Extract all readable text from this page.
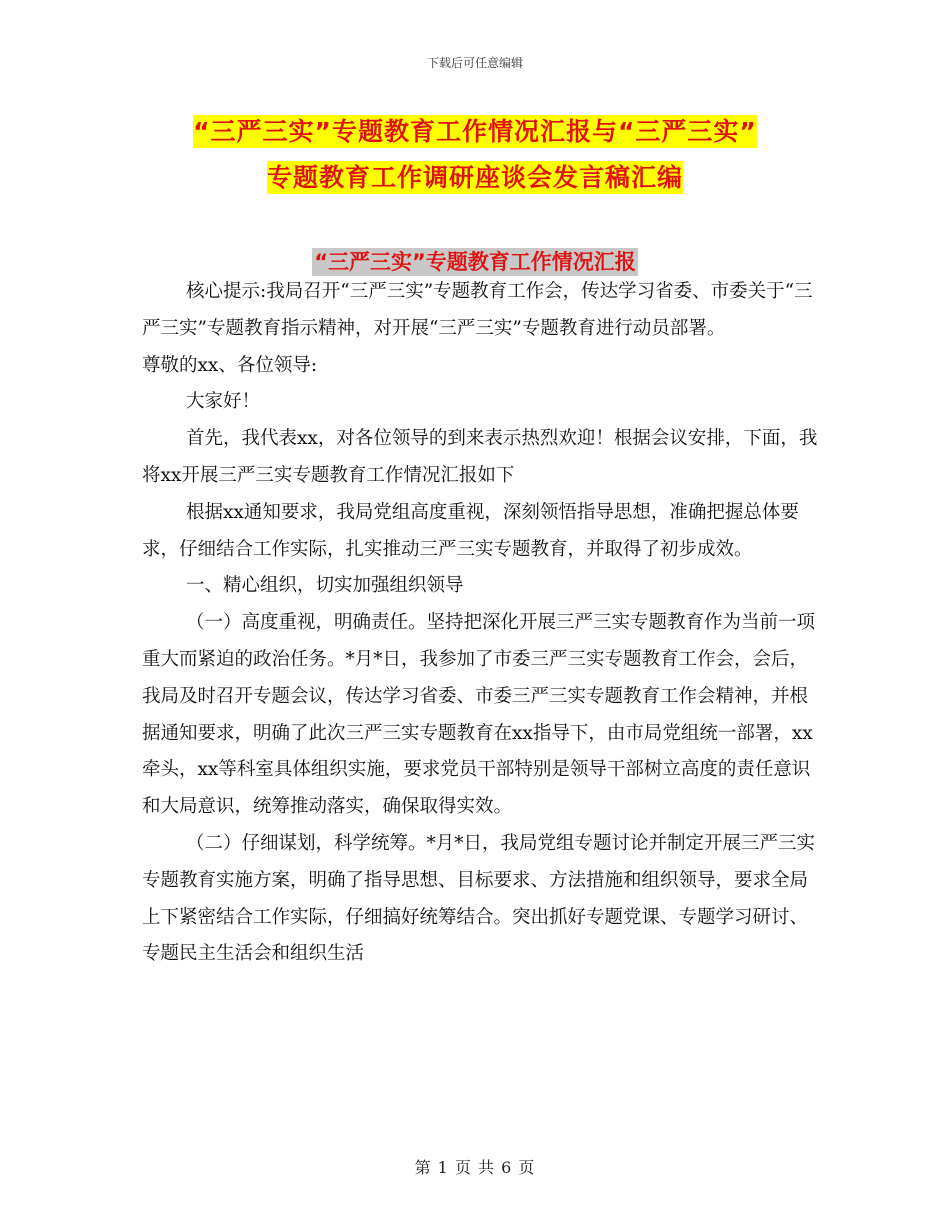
下载后可任意编辑
“三严三实”专题教育工作情况汇报与“三严三实”
专题教育工作调研座谈会发言稿汇编
“三严三实”专题教育工作情况汇报

核心提示:我局召开“三严三实”专题教育工作会，传达学习省委、市委关于“三严三实”专题教育指示精神，对开展“三严三实”专题教育进行动员部署。

尊敬的xx、各位领导:

大家好！

首先，我代表xx，对各位领导的到来表示热烈欢迎！根据会议安排，下面，我将xx开展三严三实专题教育工作情况汇报如下

根据xx通知要求，我局党组高度重视，深刻领悟指导思想，准确把握总体要求，仔细结合工作实际，扎实推动三严三实专题教育，并取得了初步成效。

一、精心组织，切实加强组织领导

（一）高度重视，明确责任。坚持把深化开展三严三实专题教育作为当前一项重大而紧迫的政治任务。*月*日，我参加了市委三严三实专题教育工作会，会后，我局及时召开专题会议，传达学习省委、市委三严三实专题教育工作会精神，并根据通知要求，明确了此次三严三实专题教育在xx指导下，由市局党组统一部署，xx牵头，xx等科室具体组织实施，要求党员干部特别是领导干部树立高度的责任意识和大局意识，统筹推动落实，确保取得实效。

（二）仔细谋划，科学统筹。*月*日，我局党组专题讨论并制定开展三严三实专题教育实施方案，明确了指导思想、目标要求、方法措施和组织领导，要求全局上下紧密结合工作实际，仔细搞好统筹结合。突出抓好专题党课、专题学习研讨、专题民主生活会和组织生活

第 1 页 共 6 页
